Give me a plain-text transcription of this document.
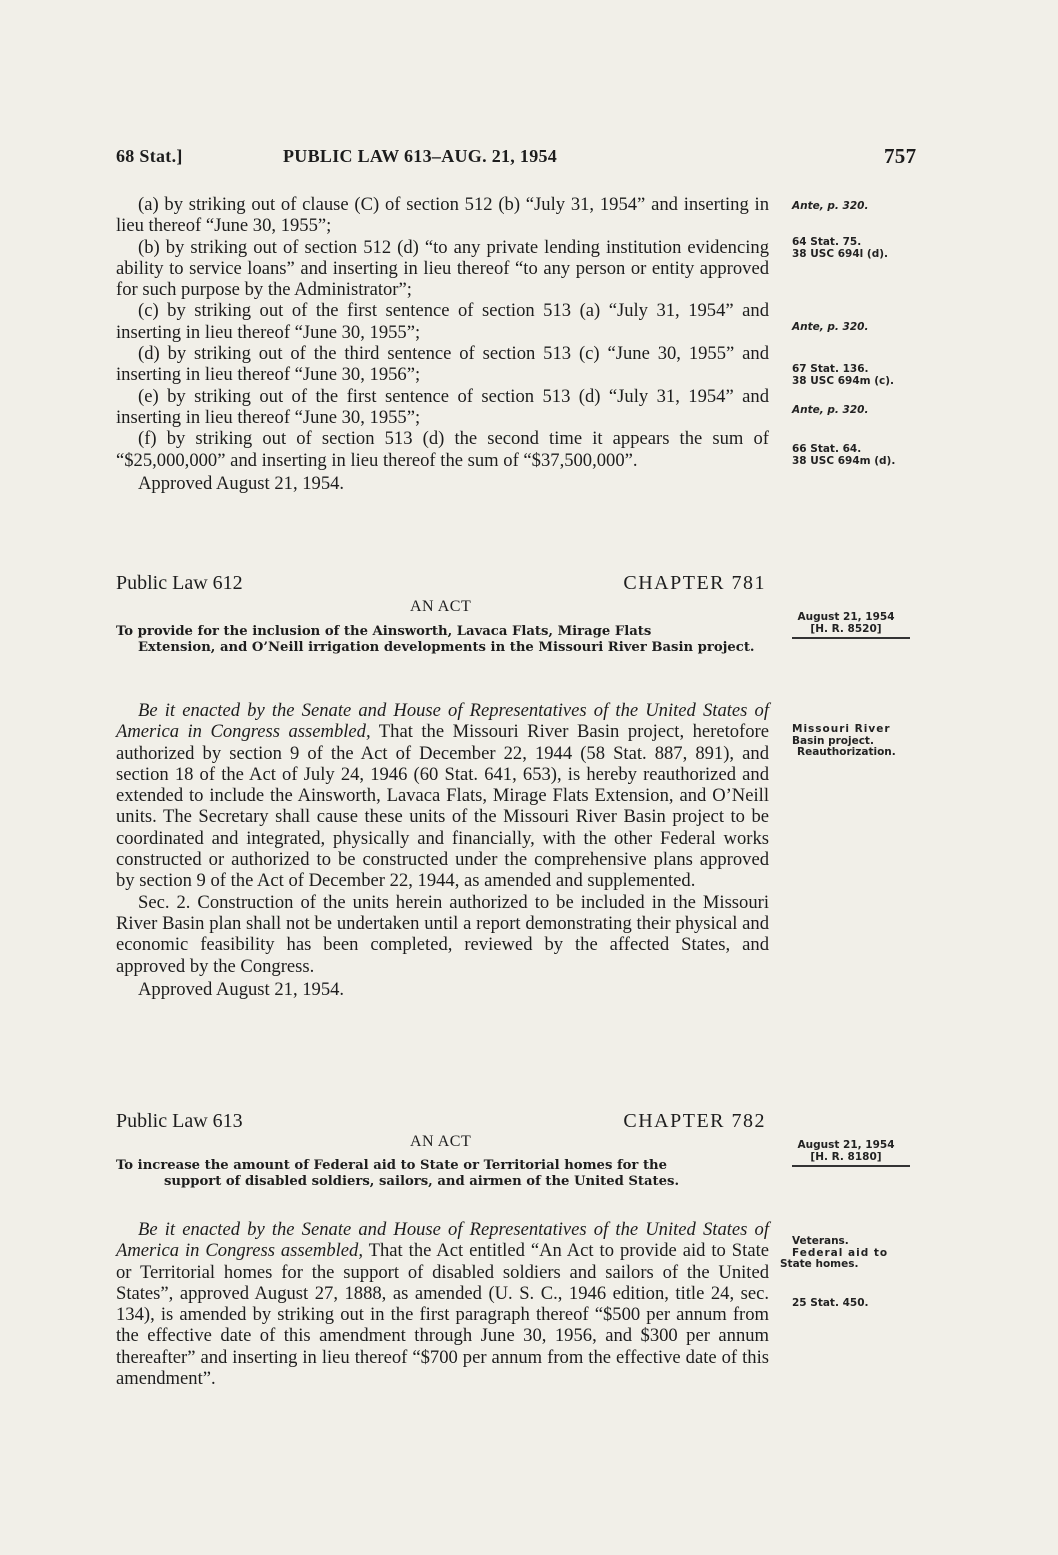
68 Stat.]	PUBLIC LAW 613–AUG. 21, 1954	757

(a) by striking out of clause (C) of section 512 (b) “July 31, 1954” and inserting in lieu thereof “June 30, 1955”;

(b) by striking out of section 512 (d) “to any private lending institution evidencing ability to service loans” and inserting in lieu thereof “to any person or entity approved for such purpose by the Administrator”;

(c) by striking out of the first sentence of section 513 (a) “July 31, 1954” and inserting in lieu thereof “June 30, 1955”;

(d) by striking out of the third sentence of section 513 (c) “June 30, 1955” and inserting in lieu thereof “June 30, 1956”;

(e) by striking out of the first sentence of section 513 (d) “July 31, 1954” and inserting in lieu thereof “June 30, 1955”;

(f) by striking out of section 513 (d) the second time it appears the sum of “$25,000,000” and inserting in lieu thereof the sum of “$37,500,000”.

Approved August 21, 1954.

Ante, p. 320.
64 Stat. 75.
38 USC 694l (d).
Ante, p. 320.
67 Stat. 136.
38 USC 694m (c).
Ante, p. 320.
66 Stat. 64.
38 USC 694m (d).
Public Law 612	CHAPTER 781
AN ACT

To provide for the inclusion of the Ainsworth, Lavaca Flats, Mirage Flats
Extension, and O’Neill irrigation developments in the Missouri River Basin project.

August 21, 1954
[H. R. 8520]

Be it enacted by the Senate and House of Representatives of the United States of America in Congress assembled, That the Missouri River Basin project, heretofore authorized by section 9 of the Act of December 22, 1944 (58 Stat. 887, 891), and section 18 of the Act of July 24, 1946 (60 Stat. 641, 653), is hereby reauthorized and extended to include the Ainsworth, Lavaca Flats, Mirage Flats Extension, and O’Neill units. The Secretary shall cause these units of the Missouri River Basin project to be coordinated and integrated, physically and financially, with the other Federal works constructed or authorized to be constructed under the comprehensive plans approved by section 9 of the Act of December 22, 1944, as amended and supplemented.

Sec. 2. Construction of the units herein authorized to be included in the Missouri River Basin plan shall not be undertaken until a report demonstrating their physical and economic feasibility has been completed, reviewed by the affected States, and approved by the Congress.

Approved August 21, 1954.

Missouri River
Basin project.
Reauthorization.
Public Law 613	CHAPTER 782
AN ACT

To increase the amount of Federal aid to State or Territorial homes for the
support of disabled soldiers, sailors, and airmen of the United States.

August 21, 1954
[H. R. 8180]

Be it enacted by the Senate and House of Representatives of the United States of America in Congress assembled, That the Act entitled “An Act to provide aid to State or Territorial homes for the support of disabled soldiers and sailors of the United States”, approved August 27, 1888, as amended (U. S. C., 1946 edition, title 24, sec. 134), is amended by striking out in the first paragraph thereof “$500 per annum from the effective date of this amendment through June 30, 1956, and $300 per annum thereafter” and inserting in lieu thereof “$700 per annum from the effective date of this amendment”.

Veterans.
Federal aid to
State homes.
25 Stat. 450.
